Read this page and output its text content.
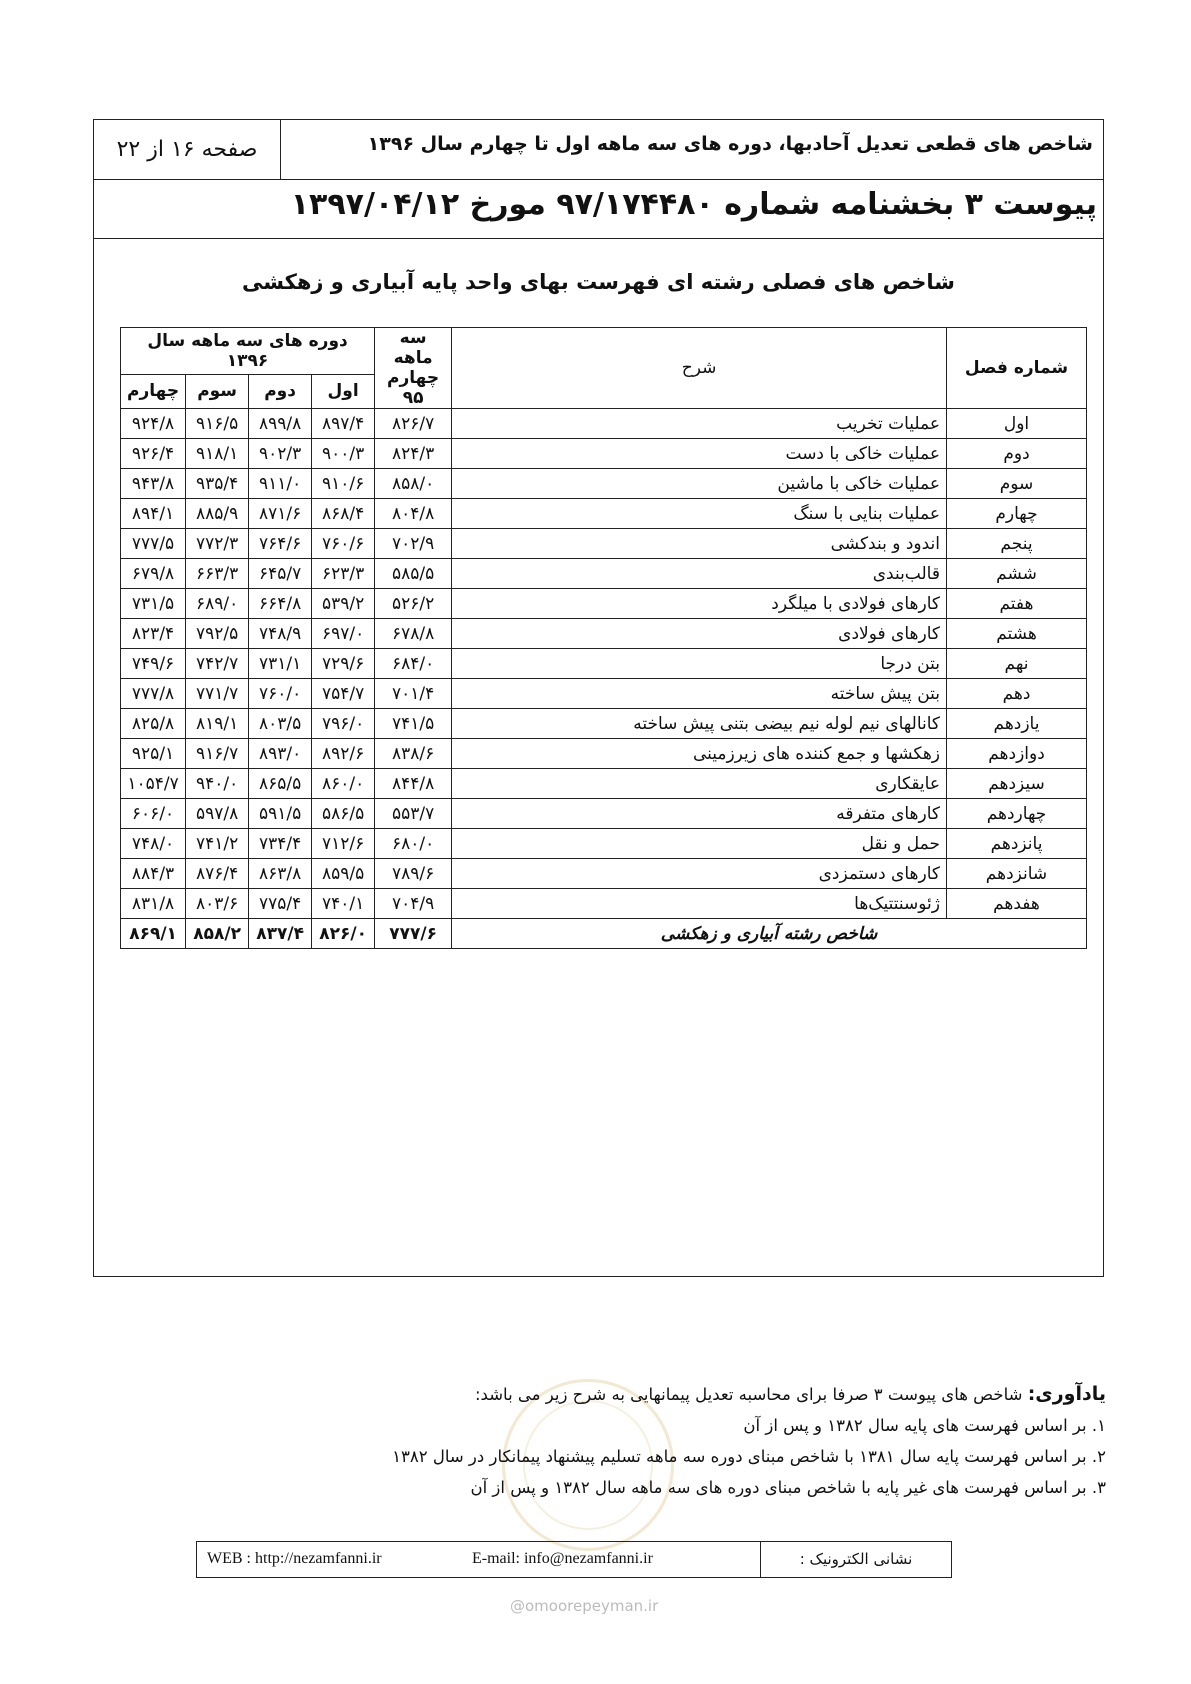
شاخص های قطعی تعدیل آحادبها، دوره های سه ماهه اول تا چهارم سال ۱۳۹۶
صفحه ۱۶ از ۲۲
پیوست ۳ بخشنامه شماره ۹۷/۱۷۴۴۸۰ مورخ ۱۳۹۷/۰۴/۱۲
شاخص های فصلی رشته ای فهرست بهای واحد پایه آبیاری و زهکشی
شماره فصل	شرح	سه ماهه چهارم ۹۵	دوره های سه ماهه سال ۱۳۹۶			
			اول	دوم	سوم	چهارم
اول	عملیات تخریب	۸۲۶/۷	۸۹۷/۴	۸۹۹/۸	۹۱۶/۵	۹۲۴/۸
دوم	عملیات خاکی با دست	۸۲۴/۳	۹۰۰/۳	۹۰۲/۳	۹۱۸/۱	۹۲۶/۴
سوم	عملیات خاکی با ماشین	۸۵۸/۰	۹۱۰/۶	۹۱۱/۰	۹۳۵/۴	۹۴۳/۸
چهارم	عملیات بنایی با سنگ	۸۰۴/۸	۸۶۸/۴	۸۷۱/۶	۸۸۵/۹	۸۹۴/۱
پنجم	اندود و بندکشی	۷۰۲/۹	۷۶۰/۶	۷۶۴/۶	۷۷۲/۳	۷۷۷/۵
ششم	قالب‌بندی	۵۸۵/۵	۶۲۳/۳	۶۴۵/۷	۶۶۳/۳	۶۷۹/۸
هفتم	کارهای فولادی با میلگرد	۵۲۶/۲	۵۳۹/۲	۶۶۴/۸	۶۸۹/۰	۷۳۱/۵
هشتم	کارهای فولادی	۶۷۸/۸	۶۹۷/۰	۷۴۸/۹	۷۹۲/۵	۸۲۳/۴
نهم	بتن درجا	۶۸۴/۰	۷۲۹/۶	۷۳۱/۱	۷۴۲/۷	۷۴۹/۶
دهم	بتن پیش ساخته	۷۰۱/۴	۷۵۴/۷	۷۶۰/۰	۷۷۱/۷	۷۷۷/۸
یازدهم	کانالهای نیم لوله نیم بیضی بتنی پیش ساخته	۷۴۱/۵	۷۹۶/۰	۸۰۳/۵	۸۱۹/۱	۸۲۵/۸
دوازدهم	زهکشها و جمع کننده های زیرزمینی	۸۳۸/۶	۸۹۲/۶	۸۹۳/۰	۹۱۶/۷	۹۲۵/۱
سیزدهم	عایقکاری	۸۴۴/۸	۸۶۰/۰	۸۶۵/۵	۹۴۰/۰	۱۰۵۴/۷
چهاردهم	کارهای متفرقه	۵۵۳/۷	۵۸۶/۵	۵۹۱/۵	۵۹۷/۸	۶۰۶/۰
پانزدهم	حمل و نقل	۶۸۰/۰	۷۱۲/۶	۷۳۴/۴	۷۴۱/۲	۷۴۸/۰
شانزدهم	کارهای دستمزدی	۷۸۹/۶	۸۵۹/۵	۸۶۳/۸	۸۷۶/۴	۸۸۴/۳
هفدهم	ژئوسنتتیک‌ها	۷۰۴/۹	۷۴۰/۱	۷۷۵/۴	۸۰۳/۶	۸۳۱/۸
شاخص رشته آبیاری و زهکشی		۷۷۷/۶	۸۲۶/۰	۸۳۷/۴	۸۵۸/۲	۸۶۹/۱
یادآوری: شاخص های پیوست ۳ صرفا برای محاسبه تعدیل پیمانهایی به شرح زیر می باشد:
۱. بر اساس فهرست های پایه سال ۱۳۸۲ و پس از آن
۲. بر اساس فهرست پایه سال ۱۳۸۱ با شاخص مبنای دوره سه ماهه تسلیم پیشنهاد پیمانکار در سال ۱۳۸۲
۳. بر اساس فهرست های غیر پایه با شاخص مبنای دوره های سه ماهه سال ۱۳۸۲ و پس از آن
WEB : http://nezamfanni.ir	E-mail: info@nezamfanni.ir	نشانی الکترونیک :
@omoorepeyman.ir
